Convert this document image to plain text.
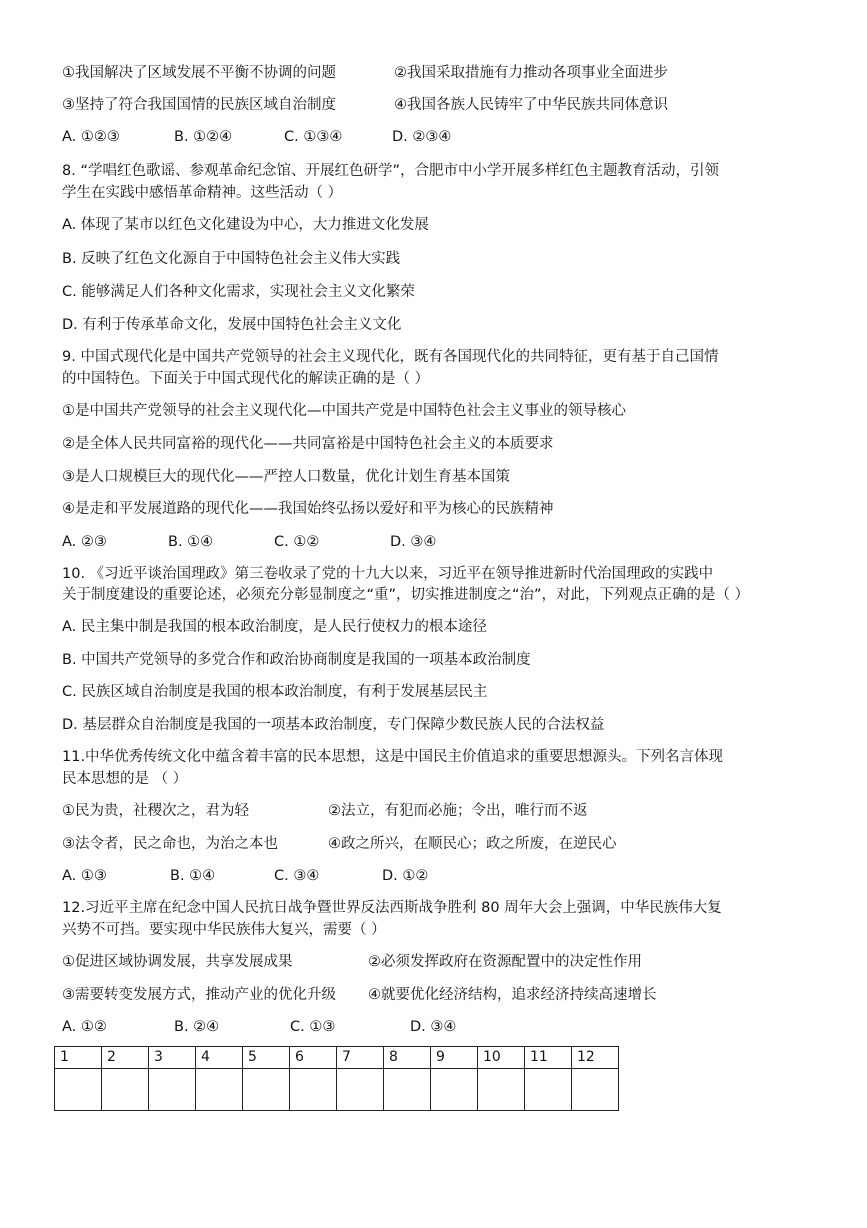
①我国解决了区域发展不平衡不协调的问题	②我国采取措施有力推动各项事业全面进步
③坚持了符合我国国情的民族区域自治制度	④我国各族人民铸牢了中华民族共同体意识
A. ①②③	B. ①②④	C. ①③④	D. ②③④
8. “学唱红色歌谣、参观革命纪念馆、开展红色研学”，合肥市中小学开展多样红色主题教育活动，引领
学生在实践中感悟革命精神。这些活动（ ）
A. 体现了某市以红色文化建设为中心，大力推进文化发展
B. 反映了红色文化源自于中国特色社会主义伟大实践
C. 能够满足人们各种文化需求，实现社会主义文化繁荣
D. 有利于传承革命文化，发展中国特色社会主义文化
9. 中国式现代化是中国共产党领导的社会主义现代化，既有各国现代化的共同特征，更有基于自己国情
的中国特色。下面关于中国式现代化的解读正确的是（ ）
①是中国共产党领导的社会主义现代化—中国共产党是中国特色社会主义事业的领导核心
②是全体人民共同富裕的现代化——共同富裕是中国特色社会主义的本质要求
③是人口规模巨大的现代化——严控人口数量，优化计划生育基本国策
④是走和平发展道路的现代化——我国始终弘扬以爱好和平为核心的民族精神
A. ②③	B. ①④	C. ①②	D. ③④
10. 《习近平谈治国理政》第三卷收录了党的十九大以来，习近平在领导推进新时代治国理政的实践中
关于制度建设的重要论述，必须充分彰显制度之“重”，切实推进制度之“治”，对此，下列观点正确的是（ ）
A. 民主集中制是我国的根本政治制度，是人民行使权力的根本途径
B. 中国共产党领导的多党合作和政治协商制度是我国的一项基本政治制度
C. 民族区域自治制度是我国的根本政治制度，有利于发展基层民主
D. 基层群众自治制度是我国的一项基本政治制度，专门保障少数民族人民的合法权益
11.中华优秀传统文化中蕴含着丰富的民本思想，这是中国民主价值追求的重要思想源头。下列名言体现
民本思想的是 （ ）
①民为贵，社稷次之，君为轻	②法立，有犯而必施；令出，唯行而不返
③法令者，民之命也，为治之本也	④政之所兴，在顺民心；政之所废，在逆民心
A. ①③	B. ①④	C. ③④	D. ①②
12.习近平主席在纪念中国人民抗日战争暨世界反法西斯战争胜利 80 周年大会上强调，中华民族伟大复
兴势不可挡。要实现中华民族伟大复兴，需要（ ）
①促进区域协调发展，共享发展成果	②必须发挥政府在资源配置中的决定性作用
③需要转变发展方式，推动产业的优化升级 ④就要优化经济结构，追求经济持续高速增长
A. ①②	B. ②④	C. ①③	D. ③④
1	2	3	4	5	6	7	8	9	10	11	12
